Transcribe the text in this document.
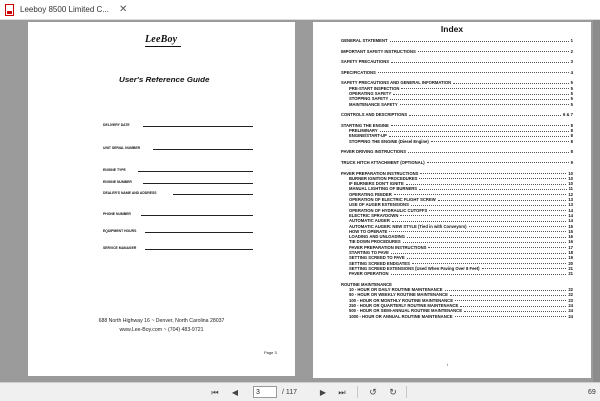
Leeboy 8500 Limited C... ✕
LeeBoy
User's Reference Guide
DELIVERY DATE
UNIT SERIAL NUMBER
ENGINE TYPE
ENGINE NUMBER
DEALER'S NAME AND ADDRESS
PHONE NUMBER
EQUIPMENT HOURS
SERVICE MANAGER
688 North Highway 16 ~ Denver, North Carolina 28037
www.Lee-Boy.com ~ (704) 483-9721
Page 3
Index
GENERAL STATEMENT	1
IMPORTANT SAFETY INSTRUCTIONS	2
SAFETY PRECAUTIONS	3
SPECIFICATIONS	4
SAFETY PRECAUTIONS AND GENERAL INFORMATION	5
PRE-START INSPECTION	5
OPERATING SAFETY	5
STOPPING SAFETY	5
MAINTENANCE SAFETY	5
CONTROLS AND DESCRIPTIONS	6 & 7
STARTING THE ENGINE	8
PRELIMINARY	8
ENGINE/START-UP	8
STOPPING THE ENGINE (Diesel Engine)	8
PAVER DRIVING INSTRUCTIONS	8
TRUCK HITCH ATTACHMENT (OPTIONAL)	9
PAVER PREPARATION INSTRUCTIONS	10
BURNER IGNITION PROCEDURES	10
IF BURNERS DON'T IGNITE	10
MANUAL LIGHTING OF BURNERS	11
OPERATING FEEDER	12
OPERATION OF ELECTRIC FLIGHT SCREW	13
USE OF AUGER EXTENSIONS	13
OPERATION OF HYDRAULIC CUTOFFS	14
ELECTRIC SPRAYDOWN	14
AUTOMATIC AUGER	14
AUTOMATIC AUGER: NEW STYLE (Tied in with Conveyors)	15
HOW TO OPERATE	15
LOADING AND UNLOADING	16
TIE DOWN PROCEDURES	16
PAVER PREPARATION INSTRUCTIONS	17
STARTING TO PAVE	18
SETTING SCREED TO PAVE	19
SETTING SCREED ENDGATES	20
SETTING SCREED EXTENSIONS (Used When Paving Over 8 Feet)	21
PAVER OPERATION	21
ROUTINE MAINTENANCE
10 - HOUR OR DAILY ROUTINE MAINTENANCE	22
50 - HOUR OR WEEKLY ROUTINE MAINTENANCE	22
100 - HOUR OR MONTHLY ROUTINE MAINTENANCE	23
250 - HOUR OR QUARTERLY ROUTINE MAINTENANCE	24
500 - HOUR OR SEMI-ANNUAL ROUTINE MAINTENANCE	24
1000 - HOUR OR ANNUAL ROUTINE MAINTENANCE	24
i
⏮ ◀
3	/ 117	▶ ⏭	↺ ↻	69
